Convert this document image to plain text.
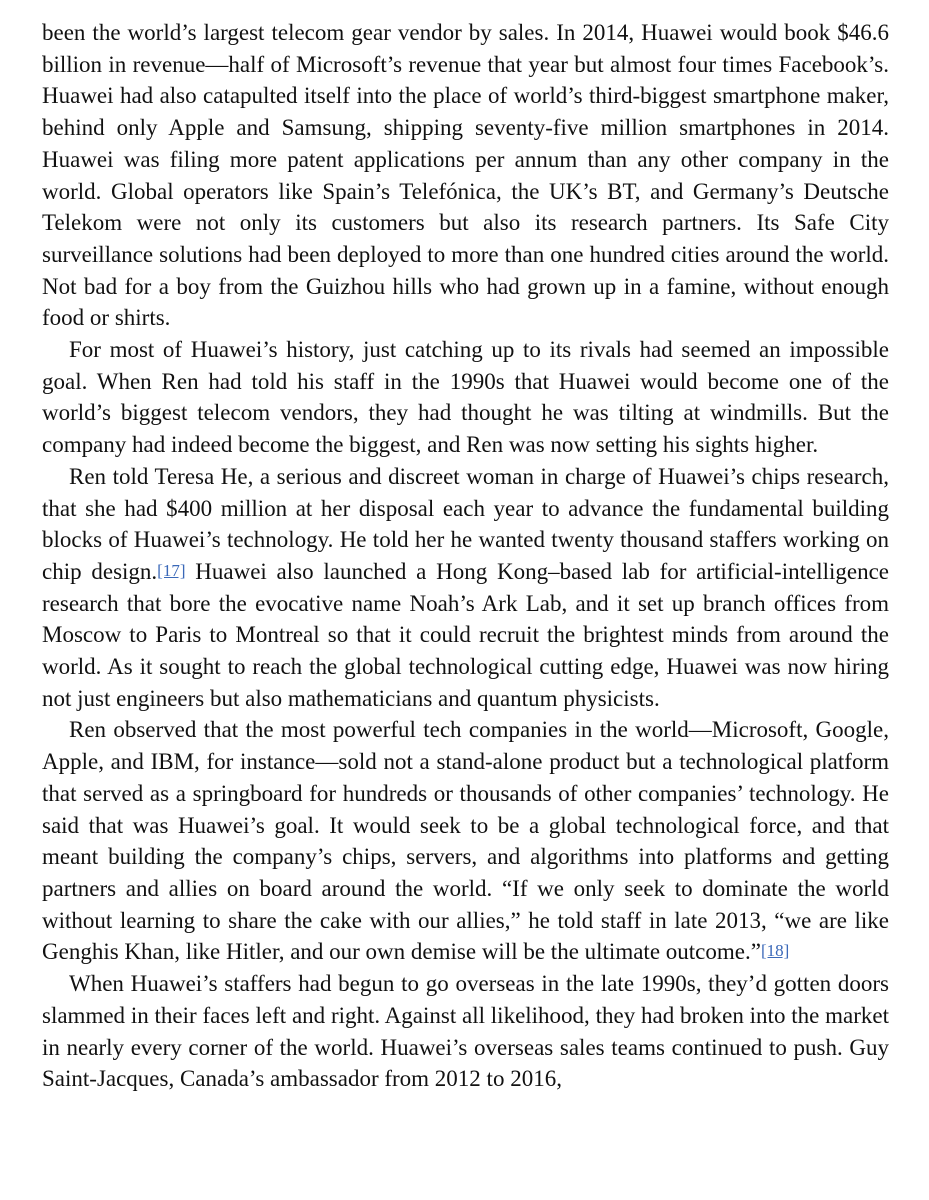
been the world’s largest telecom gear vendor by sales. In 2014, Huawei would book $46.6 billion in revenue—half of Microsoft’s revenue that year but almost four times Facebook’s. Huawei had also catapulted itself into the place of world’s third-biggest smartphone maker, behind only Apple and Samsung, shipping seventy-five million smartphones in 2014. Huawei was filing more patent applications per annum than any other company in the world. Global operators like Spain’s Telefónica, the UK’s BT, and Germany’s Deutsche Telekom were not only its customers but also its research partners. Its Safe City surveillance solutions had been deployed to more than one hundred cities around the world. Not bad for a boy from the Guizhou hills who had grown up in a famine, without enough food or shirts.

For most of Huawei’s history, just catching up to its rivals had seemed an impossible goal. When Ren had told his staff in the 1990s that Huawei would become one of the world’s biggest telecom vendors, they had thought he was tilting at windmills. But the company had indeed become the biggest, and Ren was now setting his sights higher.

Ren told Teresa He, a serious and discreet woman in charge of Huawei’s chips research, that she had $400 million at her disposal each year to advance the fundamental building blocks of Huawei’s technology. He told her he wanted twenty thousand staffers working on chip design.[17] Huawei also launched a Hong Kong–based lab for artificial-intelligence research that bore the evocative name Noah’s Ark Lab, and it set up branch offices from Moscow to Paris to Montreal so that it could recruit the brightest minds from around the world. As it sought to reach the global technological cutting edge, Huawei was now hiring not just engineers but also mathematicians and quantum physicists.

Ren observed that the most powerful tech companies in the world—Microsoft, Google, Apple, and IBM, for instance—sold not a stand-alone product but a technological platform that served as a springboard for hundreds or thousands of other companies’ technology. He said that was Huawei’s goal. It would seek to be a global technological force, and that meant building the company’s chips, servers, and algorithms into platforms and getting partners and allies on board around the world. “If we only seek to dominate the world without learning to share the cake with our allies,” he told staff in late 2013, “we are like Genghis Khan, like Hitler, and our own demise will be the ultimate outcome.”[18]

When Huawei’s staffers had begun to go overseas in the late 1990s, they’d gotten doors slammed in their faces left and right. Against all likelihood, they had broken into the market in nearly every corner of the world. Huawei’s overseas sales teams continued to push. Guy Saint-Jacques, Canada’s ambassador from 2012 to 2016,
